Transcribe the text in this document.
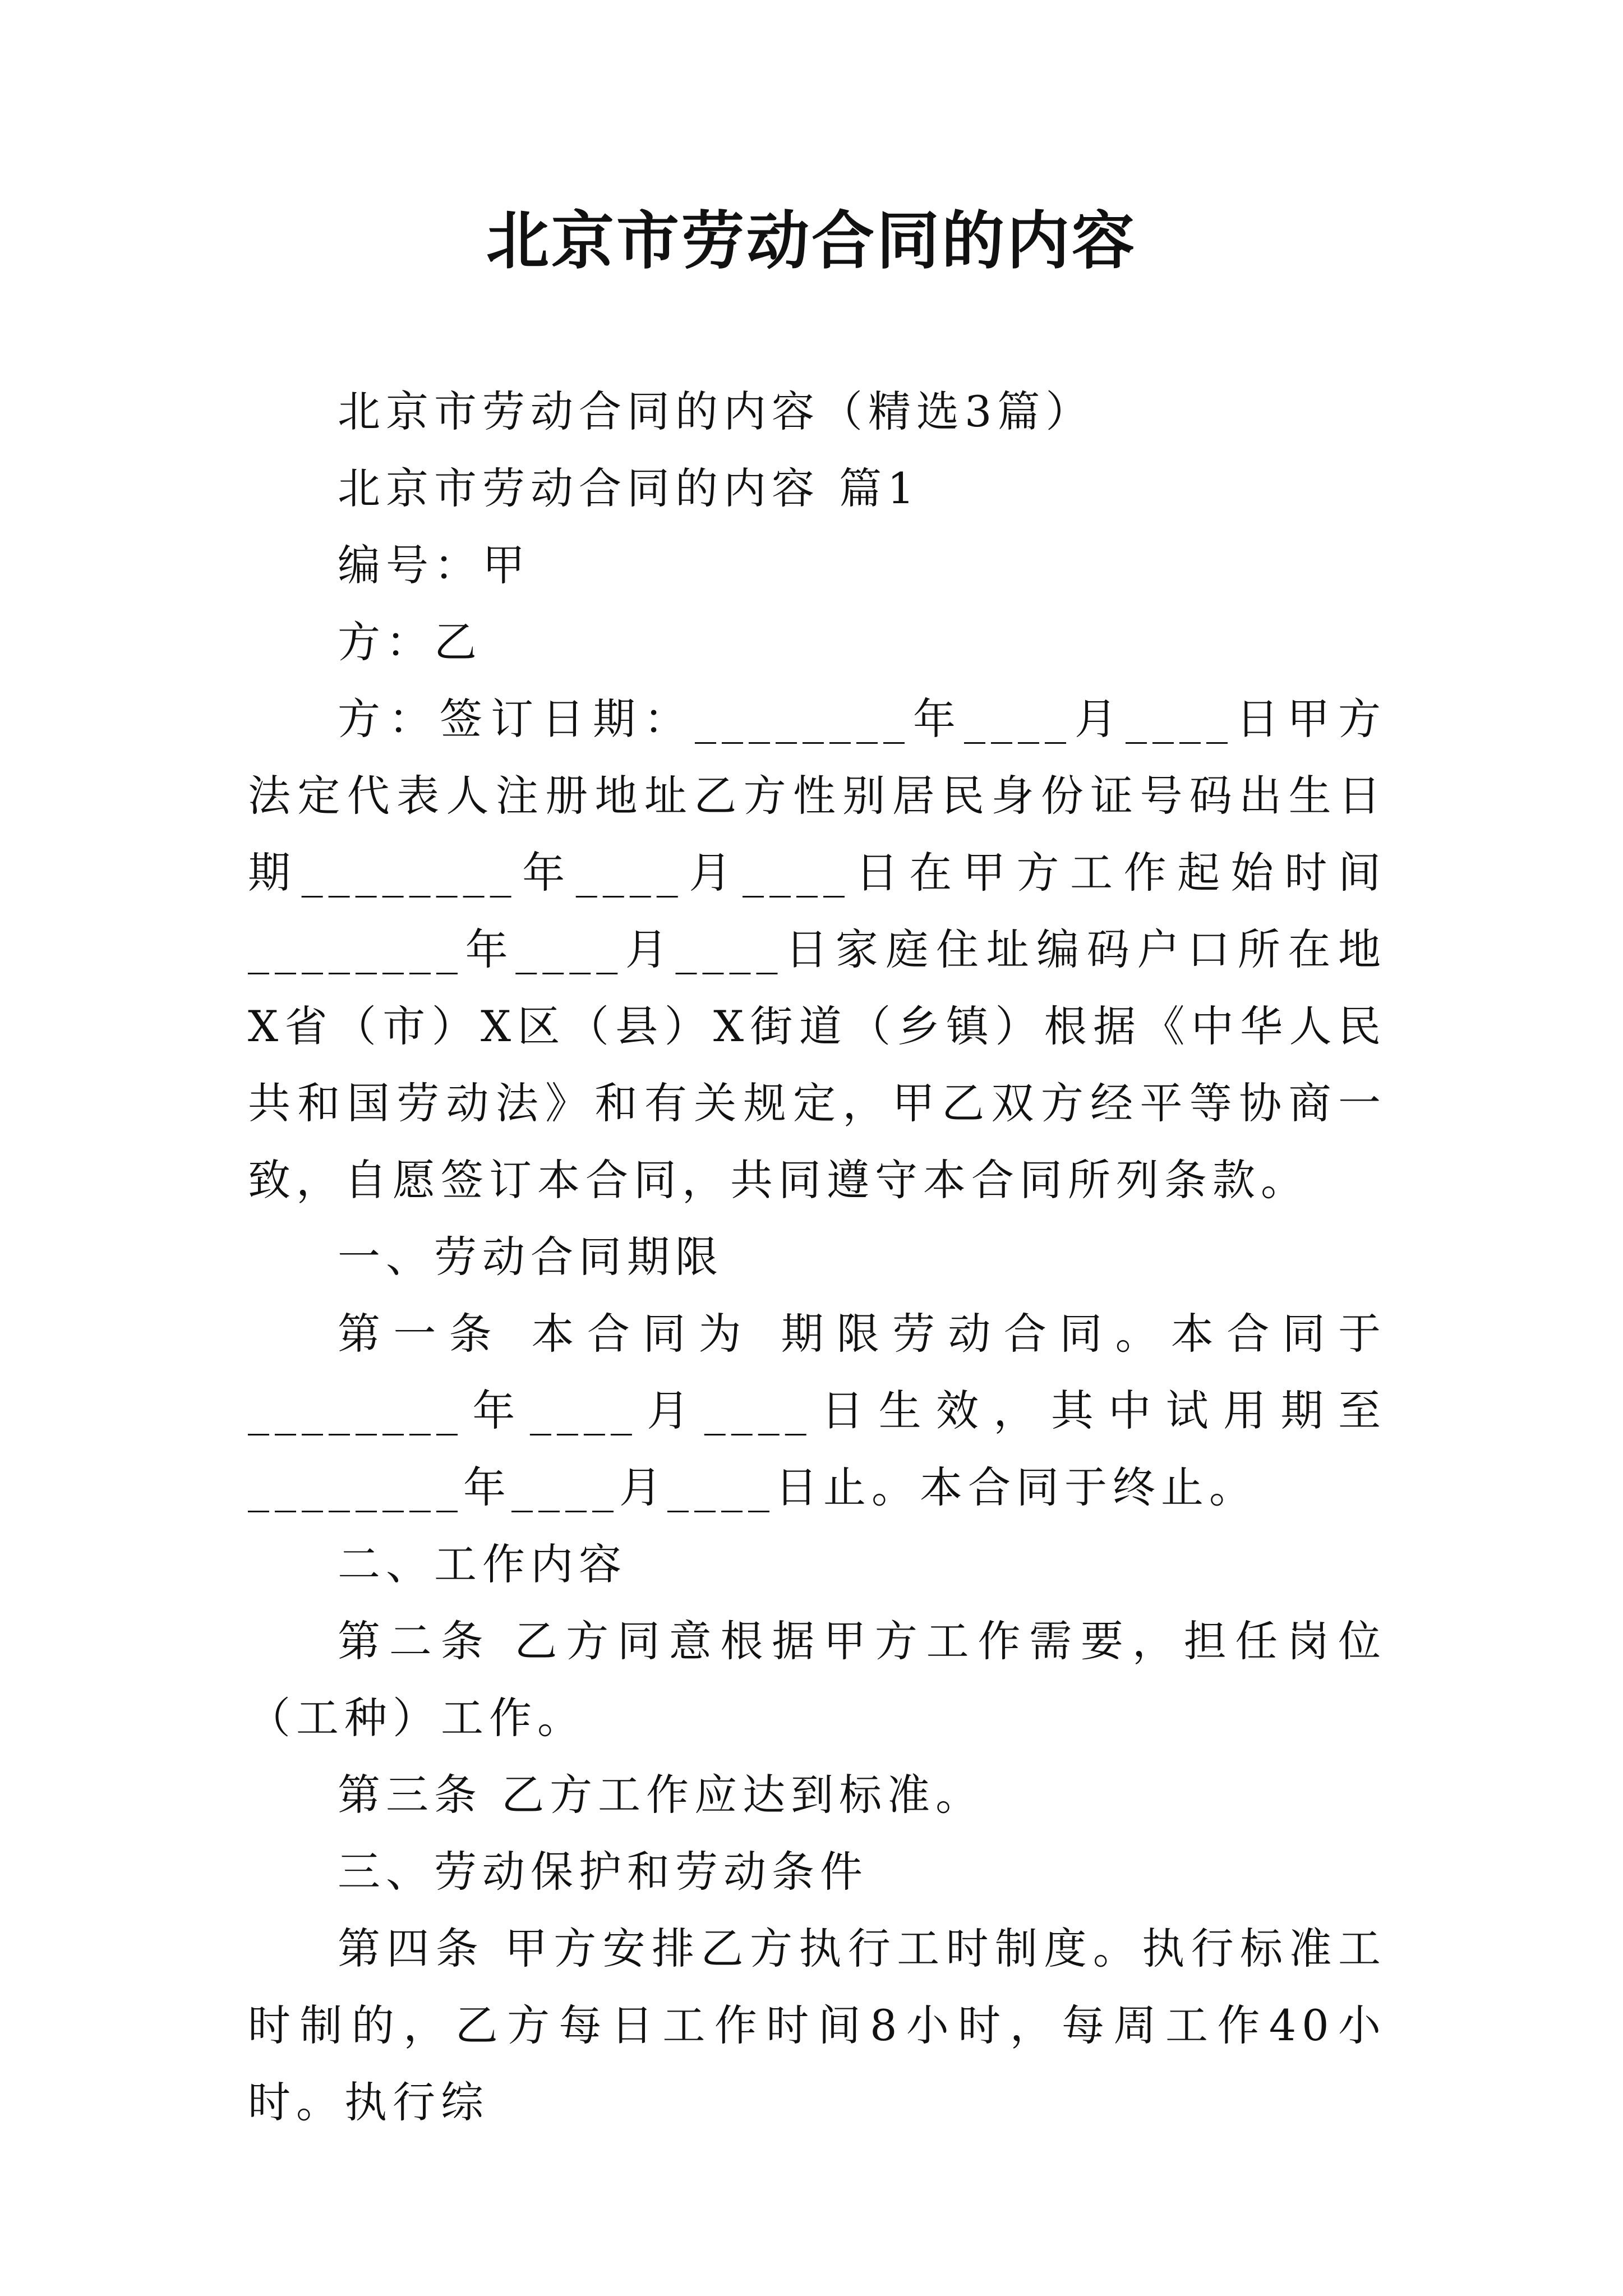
北京市劳动合同的内容

北京市劳动合同的内容（精选3篇）

北京市劳动合同的内容 篇1

编号：甲

方：乙

方：签订日期：________年____月____日甲方法定代表人注册地址乙方性别居民身份证号码出生日期________年____月____日在甲方工作起始时间________年____月____日家庭住址编码户口所在地X省（市）X区（县）X街道（乡镇）根据《中华人民共和国劳动法》和有关规定，甲乙双方经平等协商一致，自愿签订本合同，共同遵守本合同所列条款。

一、劳动合同期限

第一条 本合同为 期限劳动合同。本合同于________年____月____日生效，其中试用期至________年____月____日止。本合同于终止。

二、工作内容

第二条 乙方同意根据甲方工作需要，担任岗位（工种）工作。

第三条 乙方工作应达到标准。

三、劳动保护和劳动条件

第四条 甲方安排乙方执行工时制度。执行标准工时制的，乙方每日工作时间8小时，每周工作40小时。执行综
